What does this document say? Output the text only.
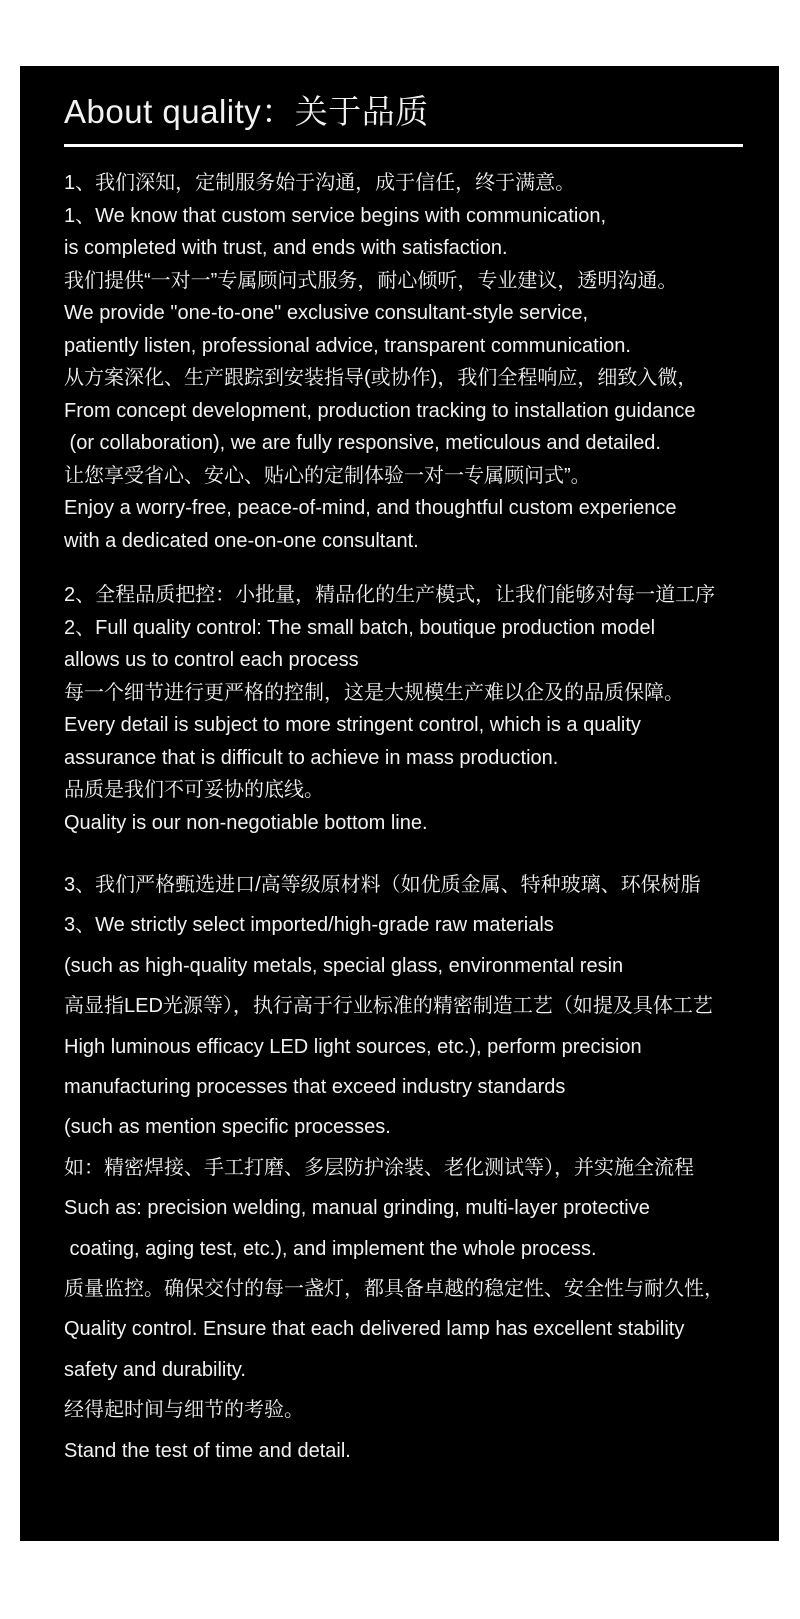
About quality：关于品质
1、我们深知，定制服务始于沟通，成于信任，终于满意。
1、We know that custom service begins with communication,
is completed with trust, and ends with satisfaction.
我们提供“一对一”专属顾问式服务，耐心倾听，专业建议，透明沟通。
We provide "one-to-one" exclusive consultant-style service,
patiently listen, professional advice, transparent communication.
从方案深化、生产跟踪到安装指导(或协作)，我们全程响应，细致入微，
From concept development, production tracking to installation guidance
(or collaboration), we are fully responsive, meticulous and detailed.
让您享受省心、安心、贴心的定制体验一对一专属顾问式”。
Enjoy a worry-free, peace-of-mind, and thoughtful custom experience
with a dedicated one-on-one consultant.
2、全程品质把控：小批量，精品化的生产模式，让我们能够对每一道工序
2、Full quality control: The small batch, boutique production model
allows us to control each process
每一个细节进行更严格的控制，这是大规模生产难以企及的品质保障。
Every detail is subject to more stringent control, which is a quality
assurance that is difficult to achieve in mass production.
品质是我们不可妥协的底线。
Quality is our non-negotiable bottom line.
3、我们严格甄选进口/高等级原材料（如优质金属、特种玻璃、环保树脂
3、We strictly select imported/high-grade raw materials
(such as high-quality metals, special glass, environmental resin
高显指LED光源等），执行高于行业标准的精密制造工艺（如提及具体工艺
High luminous efficacy LED light sources, etc.), perform precision
manufacturing processes that exceed industry standards
(such as mention specific processes.
如：精密焊接、手工打磨、多层防护涂装、老化测试等），并实施全流程
Such as: precision welding, manual grinding, multi-layer protective
coating, aging test, etc.), and implement the whole process.
质量监控。确保交付的每一盏灯，都具备卓越的稳定性、安全性与耐久性，
Quality control. Ensure that each delivered lamp has excellent stability
safety and durability.
经得起时间与细节的考验。
Stand the test of time and detail.
